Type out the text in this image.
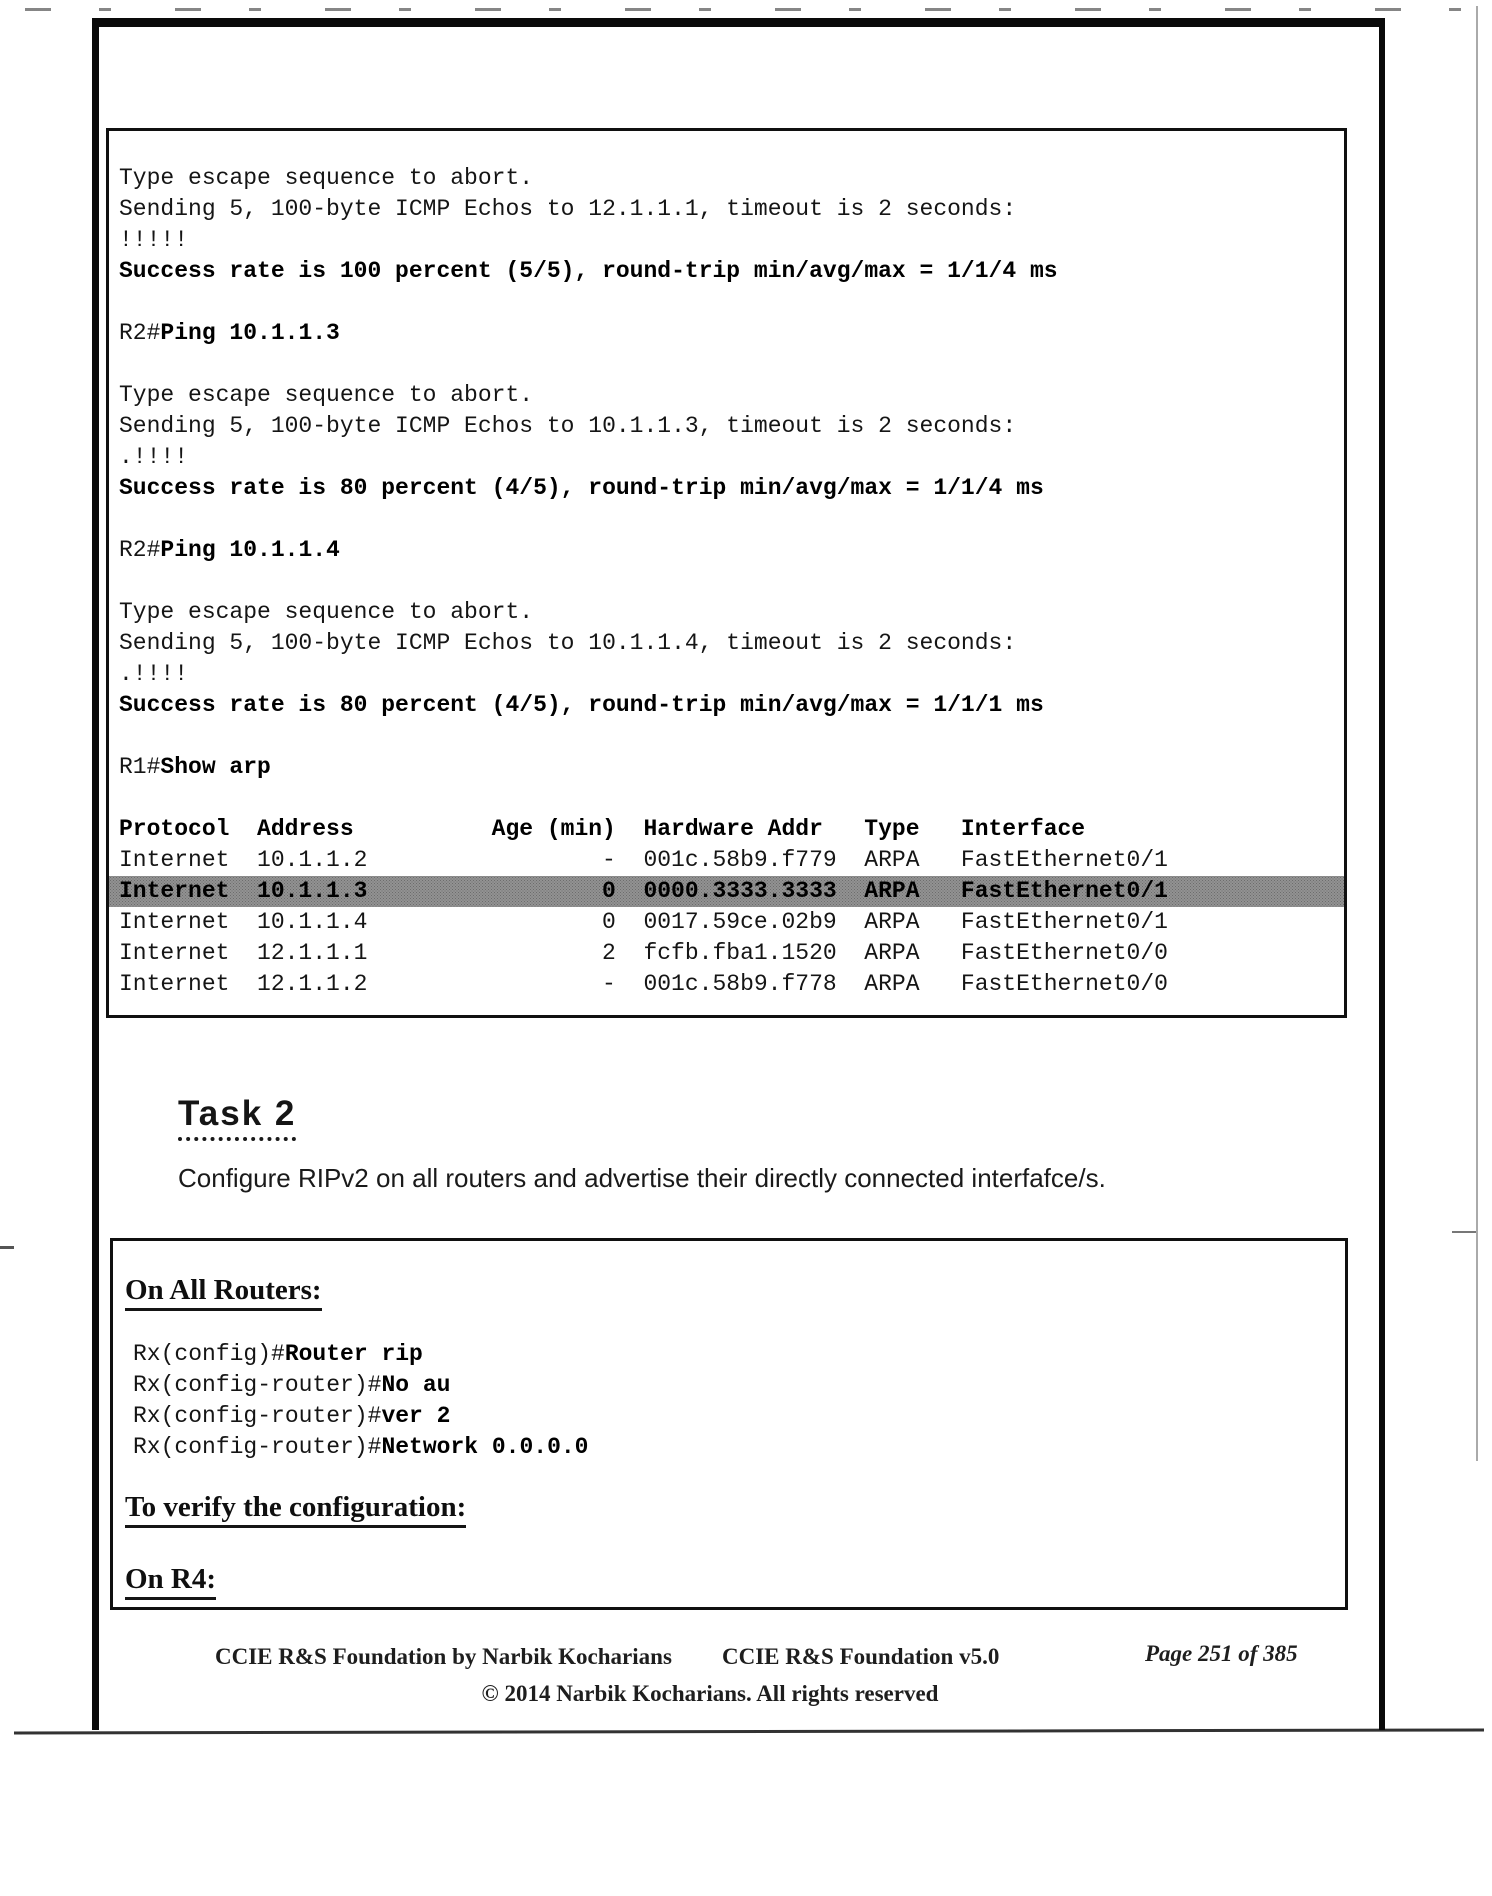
Type escape sequence to abort.
Sending 5, 100-byte ICMP Echos to 12.1.1.1, timeout is 2 seconds:
!!!!!
Success rate is 100 percent (5/5), round-trip min/avg/max = 1/1/4 ms
R2#Ping 10.1.1.3
Type escape sequence to abort.
Sending 5, 100-byte ICMP Echos to 10.1.1.3, timeout is 2 seconds:
.!!!!
Success rate is 80 percent (4/5), round-trip min/avg/max = 1/1/4 ms
R2#Ping 10.1.1.4
Type escape sequence to abort.
Sending 5, 100-byte ICMP Echos to 10.1.1.4, timeout is 2 seconds:
.!!!!
Success rate is 80 percent (4/5), round-trip min/avg/max = 1/1/1 ms
R1#Show arp
Protocol	Address	Age (min) Hardware Addr	Type	Interface
Internet	10.1.1.2	- 001c.58b9.f779	ARPA	FastEthernet0/1
Internet	10.1.1.3	0 0000.3333.3333	ARPA	FastEthernet0/1
Internet	10.1.1.4	0 0017.59ce.02b9	ARPA	FastEthernet0/1
Internet	12.1.1.1	2 fcfb.fba1.1520	ARPA	FastEthernet0/0
Internet	12.1.1.2	- 001c.58b9.f778	ARPA	FastEthernet0/0
Task 2
Configure RIPv2 on all routers and advertise their directly connected interfafce/s.
On All Routers:
Rx(config)#Router rip
Rx(config-router)#No au
Rx(config-router)#ver 2
Rx(config-router)#Network 0.0.0.0
To verify the configuration:
On R4:
CCIE R&S Foundation by Narbik Kocharians CCIE R&S Foundation v5.0	Page 251 of 385
© 2014 Narbik Kocharians. All rights reserved
